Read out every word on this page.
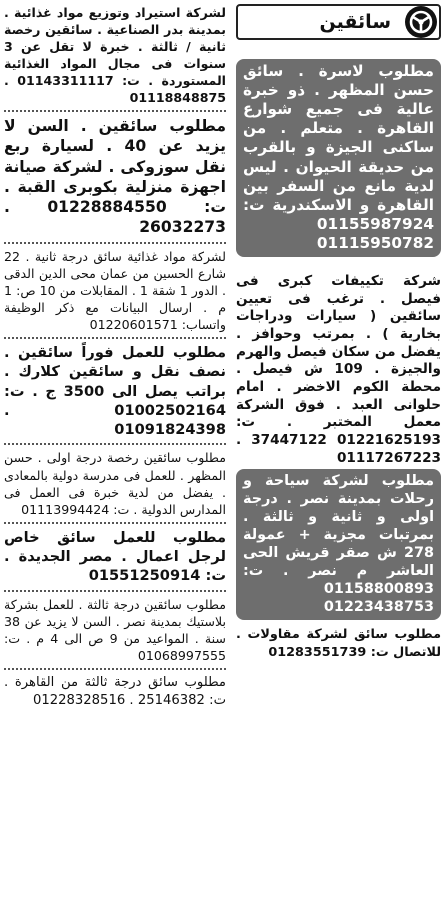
سائقين
مطلوب لاسرة . سائق حسن المظهر . ذو خبرة عالية فى جميع شوارع القاهرة . متعلم . من ساكنى الجيزة و بالقرب من حديقة الحيوان . ليس لدية مانع من السفر بين القاهرة و الاسكندرية ت: 01155987924 01115950782
شركة تكييفات كبرى فى فيصل . ترغب فى تعيين سائقين ( سيارات ودراجات بخارية ) . بمرتب وحوافز . يفضل من سكان فيصل والهرم والجيزة . 109 ش فيصل . محطة الكوم الاخضر . امام حلوانى العبد . فوق الشركة معمل المختبر . ت: 01221625193 37447122 . 01117267223
مطلوب لشركة سياحة و رحلات بمدينة نصر . درجة اولى و ثانية و ثالثة . بمرتبات مجزية + عمولة 278 ش صقر قريش الحى العاشر م نصر . ت: 01158800893 01223438753
مطلوب سائق لشركة مقاولات . للاتصال ت: 01283551739
لشركة استيراد وتوزيع مواد غذائية . بمدينة بدر الصناعية . سائقين رخصة ثانية / ثالثة . خبرة لا تقل عن 3 سنوات فى مجال المواد الغذائية المستوردة . ت: 01143311117 . 01118848875
مطلوب سائقين . السن لا يزيد عن 40 . لسيارة ربع نقل سوزوكى . لشركة صيانة اجهزة منزلية بكوبرى القبة . ت: 01228884550 . 26032273
لشركة مواد غذائية سائق درجة ثانية . 22 شارع الحسين من عمان محى الدين الدقى . الدور 1 شقة 1 . المقابلات من 10 ص: 1 م . ارسال البيانات مع ذكر الوظيفة واتساب: 01220601571
مطلوب للعمل فوراً سائقين . نصف نقل و سائقين كلارك . براتب يصل الى 3500 ج . ت: 01002502164 . 01091824398
مطلوب سائقين رخصة درجة اولى . حسن المظهر . للعمل فى مدرسة دولية بالمعادى . يفضل من لدية خبرة فى العمل فى المدارس الدولية . ت: 01113994424
مطلوب للعمل سائق خاص لرجل اعمال . مصر الجديدة . ت: 01551250914
مطلوب سائقين درجة ثالثة . للعمل بشركة بلاستيك بمدينة نصر . السن لا يزيد عن 38 سنة . المواعيد من 9 ص الى 4 م . ت: 01068997555
مطلوب سائق درجة ثالثة من القاهرة . ت: 25146382 . 01228328516
